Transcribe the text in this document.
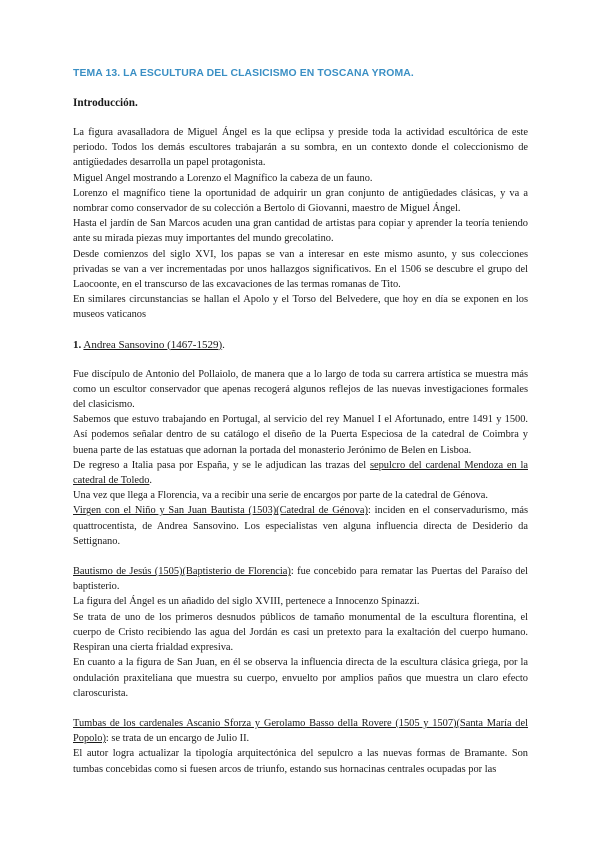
TEMA 13. LA ESCULTURA DEL CLASICISMO EN TOSCANA YROMA.
Introducción.

La figura avasalladora de Miguel Ángel es la que eclipsa y preside toda la actividad escultórica de este periodo. Todos los demás escultores trabajarán a su sombra, en un contexto donde el coleccionismo de antigüedades desarrolla un papel protagonista.

Miguel Angel mostrando a Lorenzo el Magnífico la cabeza de un fauno.

Lorenzo el magnífico tiene la oportunidad de adquirir un gran conjunto de antigüedades clásicas, y va a nombrar como conservador de su colección a Bertolo di Giovanni, maestro de Miguel Ángel.

Hasta el jardín de San Marcos acuden una gran cantidad de artistas para copiar y aprender la teoría teniendo ante su mirada piezas muy importantes del mundo grecolatino.

Desde comienzos del siglo XVI, los papas se van a interesar en este mismo asunto, y sus colecciones privadas se van a ver incrementadas por unos hallazgos significativos. En el 1506 se descubre el grupo del Laocoonte, en el transcurso de las excavaciones de las termas romanas de Tito.

En similares circunstancias se hallan el Apolo y el Torso del Belvedere, que hoy en día se exponen en los museos vaticanos

1. Andrea Sansovino (1467-1529).

Fue discípulo de Antonio del Pollaiolo, de manera que a lo largo de toda su carrera artística se muestra más como un escultor conservador que apenas recogerá algunos reflejos de las nuevas investigaciones formales del clasicismo.

Sabemos que estuvo trabajando en Portugal, al servicio del rey Manuel I el Afortunado, entre 1491 y 1500. Así podemos señalar dentro de su catálogo el diseño de la Puerta Especiosa de la catedral de Coimbra y buena parte de las estatuas que adornan la portada del monasterio Jerónimo de Belen en Lisboa.

De regreso a Italia pasa por España, y se le adjudican las trazas del sepulcro del cardenal Mendoza en la catedral de Toledo.

Una vez que llega a Florencia, va a recibir una serie de encargos por parte de la catedral de Génova.

Virgen con el Niño y San Juan Bautista (1503)(Catedral de Génova): inciden en el conservadurismo, más quattrocentista, de Andrea Sansovino. Los especialistas ven alguna influencia directa de Desiderio da Settignano.

Bautismo de Jesús (1505)(Baptisterio de Florencia): fue concebido para rematar las Puertas del Paraíso del baptisterio.

La figura del Ángel es un añadido del siglo XVIII, pertenece a Innocenzo Spinazzi.

Se trata de uno de los primeros desnudos públicos de tamaño monumental de la escultura florentina, el cuerpo de Cristo recibiendo las agua del Jordán es casi un pretexto para la exaltación del cuerpo humano. Respiran una cierta frialdad expresiva.

En cuanto a la figura de San Juan, en él se observa la influencia directa de la escultura clásica griega, por la ondulación praxiteliana que muestra su cuerpo, envuelto por amplios paños que muestra un claro efecto claroscurista.

Tumbas de los cardenales Ascanio Sforza y Gerolamo Basso della Rovere (1505 y 1507)(Santa María del Popolo): se trata de un encargo de Julio II.

El autor logra actualizar la tipología arquitectónica del sepulcro a las nuevas formas de Bramante. Son tumbas concebidas como si fuesen arcos de triunfo, estando sus hornacinas centrales ocupadas por las
